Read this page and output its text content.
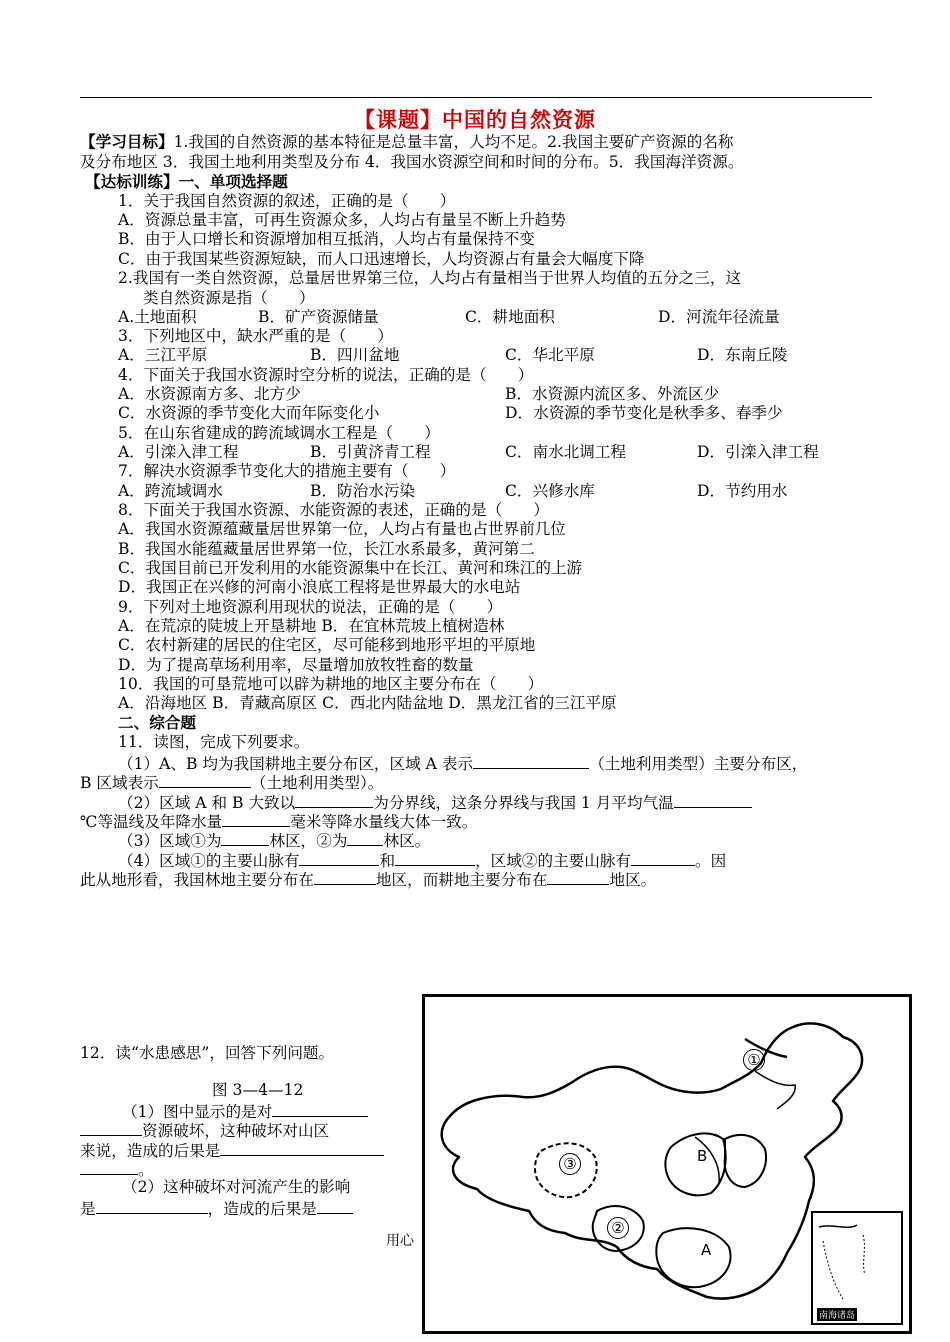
【课题】中国的自然资源
【学习目标】1.我国的自然资源的基本特征是总量丰富，人均不足。2.我国主要矿产资源的名称
及分布地区 3．我国土地利用类型及分布 4．我国水资源空间和时间的分布。5．我国海洋资源。
【达标训练】一、单项选择题
1．关于我国自然资源的叙述，正确的是（　　）
A．资源总量丰富，可再生资源众多，人均占有量呈不断上升趋势
B．由于人口增长和资源增加相互抵消，人均占有量保持不变
C．由于我国某些资源短缺，而人口迅速增长，人均资源占有量会大幅度下降
2.我国有一类自然资源，总量居世界第三位，人均占有量相当于世界人均值的五分之三，这
类自然资源是指（　　）
A.土地面积	B．矿产资源储量	C．耕地面积	D．河流年径流量
3．下列地区中，缺水严重的是（　　）
A．三江平原	B．四川盆地	C．华北平原	D．东南丘陵
4．下面关于我国水资源时空分析的说法，正确的是（　　）
A．水资源南方多、北方少	B．水资源内流区多、外流区少
C．水资源的季节变化大而年际变化小	D．水资源的季节变化是秋季多、春季少
5．在山东省建成的跨流域调水工程是（　　）
A．引滦入津工程	B．引黄济青工程	C．南水北调工程	D．引滦入津工程
7．解决水资源季节变化大的措施主要有（　　）
A．跨流域调水	B．防治水污染	C．兴修水库	D．节约用水
8．下面关于我国水资源、水能资源的表述，正确的是（　　）
A．我国水资源蕴藏量居世界第一位，人均占有量也占世界前几位
B．我国水能蕴藏量居世界第一位，长江水系最多，黄河第二
C．我国目前已开发利用的水能资源集中在长江、黄河和珠江的上游
D．我国正在兴修的河南小浪底工程将是世界最大的水电站
9．下列对土地资源利用现状的说法，正确的是（　　）
A．在荒凉的陡坡上开垦耕地 B．在宜林荒坡上植树造林
C．农村新建的居民的住宅区，尽可能移到地形平坦的平原地
D．为了提高草场利用率，尽量增加放牧牲畜的数量
10．我国的可垦荒地可以辟为耕地的地区主要分布在（　　）
A．沿海地区 B．青藏高原区 C．西北内陆盆地 D．黑龙江省的三江平原
二、综合题
11．读图，完成下列要求。
（1）A、B 均为我国耕地主要分布区，区域 A 表示	（土地利用类型）主要分布区，
B 区域表示	（土地利用类型）。
（2）区域 A 和 B 大致以	为分界线，这条分界线与我国 1 月平均气温
℃等温线及年降水量	毫米等降水量线大体一致。
（3）区域①为	林区，②为 林区。
（4）区域①的主要山脉有	和	，区域②的主要山脉有	。因
此从地形看，我国林地主要分布在	地区，而耕地主要分布在	地区。
12．读“水患感思”，回答下列问题。
图 3—4—12
（1）图中显示的是对
资源破坏，这种破坏对山区
来说，造成的后果是
。
（2）这种破坏对河流产生的影响
是	，造成的后果是
用心
①
②
③
A
B
南海诸岛
